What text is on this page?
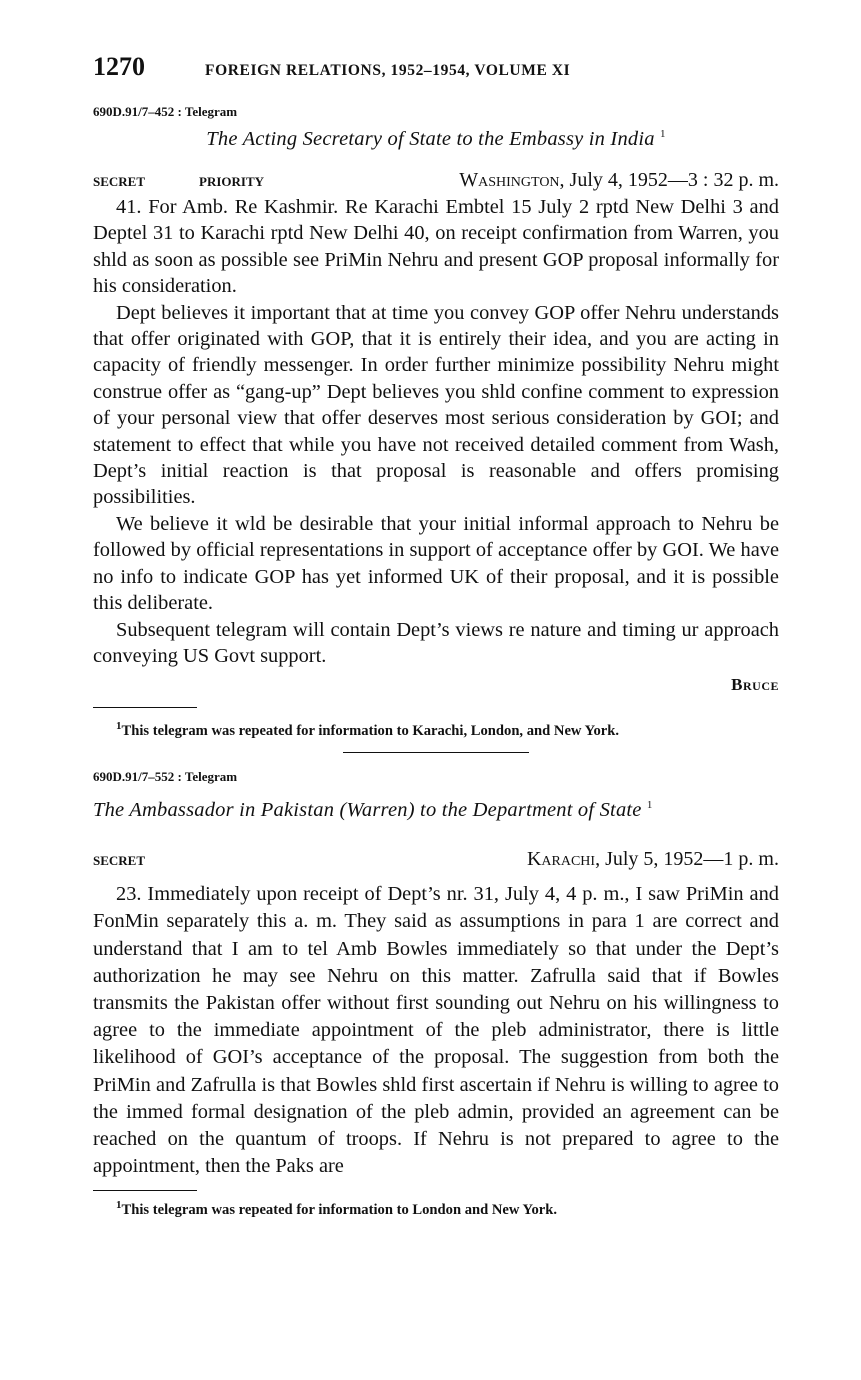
1270	FOREIGN RELATIONS, 1952–1954, VOLUME XI
690D.91/7–452 : Telegram
The Acting Secretary of State to the Embassy in India $^1$
SECRET	PRIORITY	Washington, July 4, 1952—3 : 32 p. m.

41. For Amb. Re Kashmir. Re Karachi Embtel 15 July 2 rptd New Delhi 3 and Deptel 31 to Karachi rptd New Delhi 40, on receipt confirmation from Warren, you shld as soon as possible see PriMin Nehru and present GOP proposal informally for his consideration.

Dept believes it important that at time you convey GOP offer Nehru understands that offer originated with GOP, that it is entirely their idea, and you are acting in capacity of friendly messenger. In order further minimize possibility Nehru might construe offer as “gang-up” Dept believes you shld confine comment to expression of your personal view that offer deserves most serious consideration by GOI; and statement to effect that while you have not received detailed comment from Wash, Dept’s initial reaction is that proposal is reasonable and offers promising possibilities.

We believe it wld be desirable that your initial informal approach to Nehru be followed by official representations in support of acceptance offer by GOI. We have no info to indicate GOP has yet informed UK of their proposal, and it is possible this deliberate.

Subsequent telegram will contain Dept’s views re nature and timing ur approach conveying US Govt support.

Bruce
$^1$This telegram was repeated for information to Karachi, London, and New York.
690D.91/7–552 : Telegram
The Ambassador in Pakistan (Warren) to the Department of State $^1$
SECRET	Karachi, July 5, 1952—1 p. m.

23. Immediately upon receipt of Dept’s nr. 31, July 4, 4 p. m., I saw PriMin and FonMin separately this a. m. They said as assumptions in para 1 are correct and understand that I am to tel Amb Bowles immediately so that under the Dept’s authorization he may see Nehru on this matter. Zafrulla said that if Bowles transmits the Pakistan offer without first sounding out Nehru on his willingness to agree to the immediate appointment of the pleb administrator, there is little likelihood of GOI’s acceptance of the proposal. The suggestion from both the PriMin and Zafrulla is that Bowles shld first ascertain if Nehru is willing to agree to the immed formal designation of the pleb admin, provided an agreement can be reached on the quantum of troops. If Nehru is not prepared to agree to the appointment, then the Paks are

$^1$This telegram was repeated for information to London and New York.
